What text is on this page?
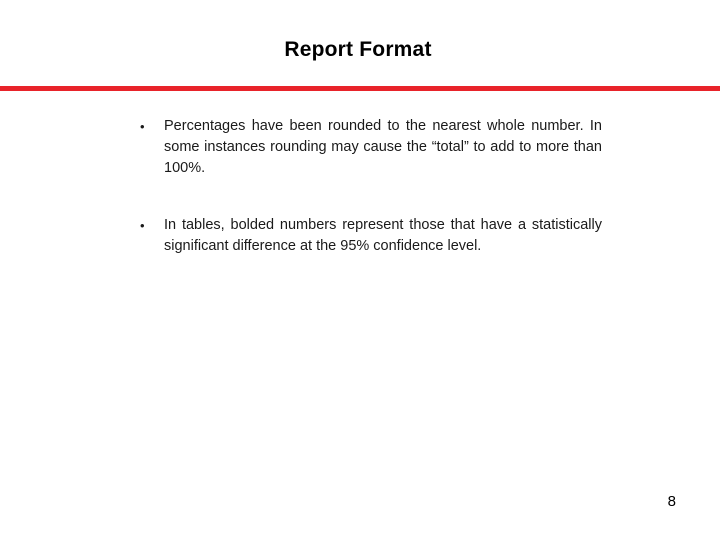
Report Format
• Percentages have been rounded to the nearest whole number. In some instances rounding may cause the “total” to add to more than 100%.
• In tables, bolded numbers represent those that have a statistically significant difference at the 95% confidence level.
8
